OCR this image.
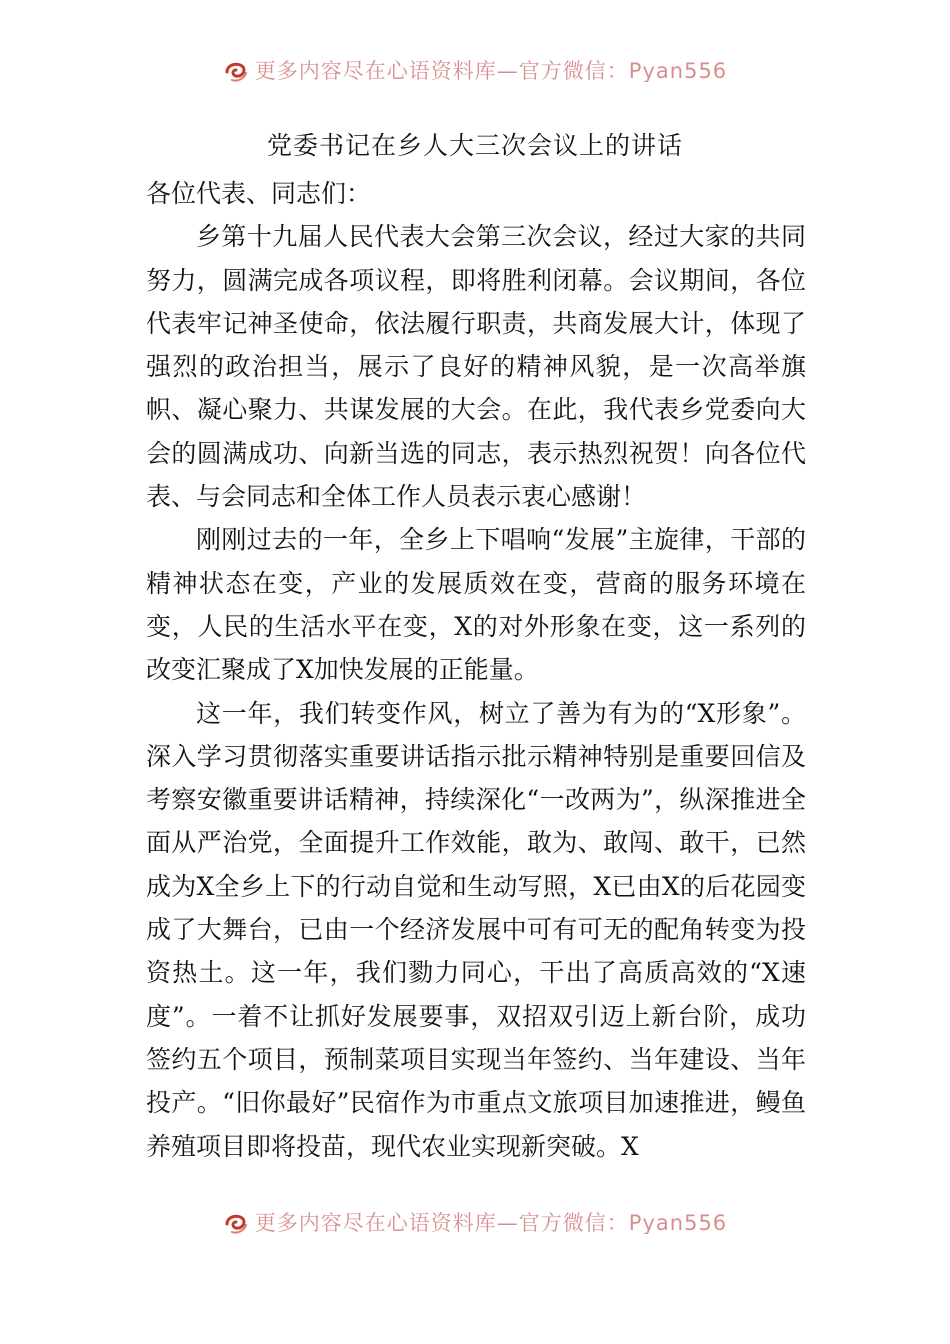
更多内容尽在心语资料库—官方微信：Pyan556
党委书记在乡人大三次会议上的讲话

各位代表、同志们：

乡第十九届人民代表大会第三次会议，经过大家的共同努力，圆满完成各项议程，即将胜利闭幕。会议期间，各位代表牢记神圣使命，依法履行职责，共商发展大计，体现了强烈的政治担当，展示了良好的精神风貌，是一次高举旗帜、凝心聚力、共谋发展的大会。在此，我代表乡党委向大会的圆满成功、向新当选的同志，表示热烈祝贺！向各位代表、与会同志和全体工作人员表示衷心感谢！

刚刚过去的一年，全乡上下唱响“发展”主旋律，干部的精神状态在变，产业的发展质效在变，营商的服务环境在变，人民的生活水平在变，X的对外形象在变，这一系列的改变汇聚成了X加快发展的正能量。

这一年，我们转变作风，树立了善为有为的“X形象”。深入学习贯彻落实重要讲话指示批示精神特别是重要回信及考察安徽重要讲话精神，持续深化“一改两为”，纵深推进全面从严治党，全面提升工作效能，敢为、敢闯、敢干，已然成为X全乡上下的行动自觉和生动写照，X已由X的后花园变成了大舞台，已由一个经济发展中可有可无的配角转变为投资热土。这一年，我们勠力同心，干出了高质高效的“X速度”。一着不让抓好发展要事，双招双引迈上新台阶，成功签约五个项目，预制菜项目实现当年签约、当年建设、当年投产。“旧你最好”民宿作为市重点文旅项目加速推进，鳗鱼养殖项目即将投苗，现代农业实现新突破。X

更多内容尽在心语资料库—官方微信：Pyan556
